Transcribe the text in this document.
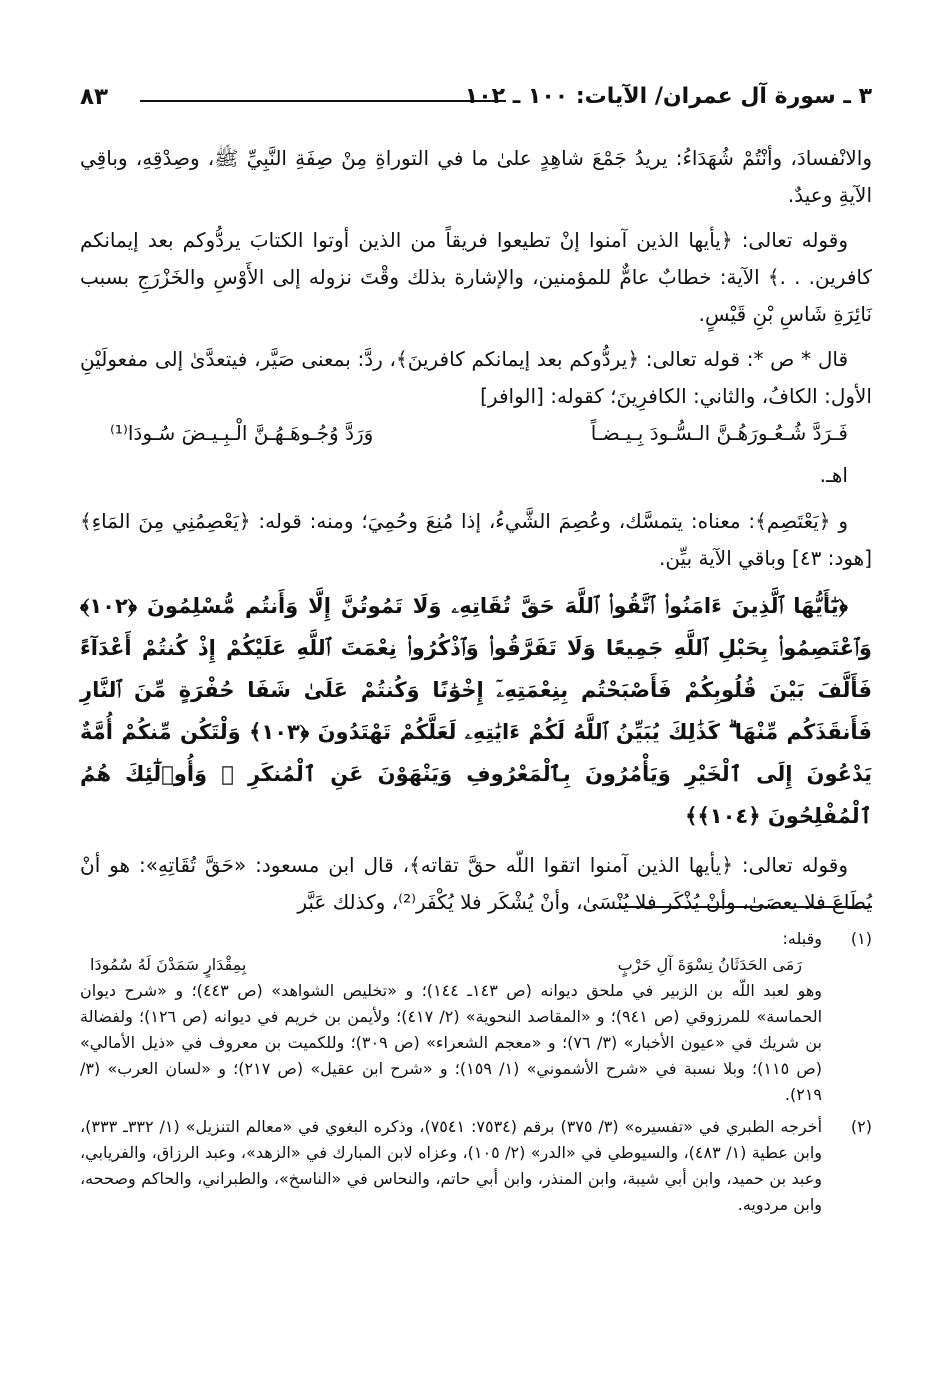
٣ ـ سورة آل عمران/ الآيات: ١٠٠ ـ ١٠٢
٨٣

والانْفسادَ، وأنْتُمْ شُهَدَاءُ: يريدُ جَمْعَ شاهِدٍ علىٰ ما في التوراةِ مِنْ صِفَةِ النَّبِيِّ ﷺ، وصِدْقِهِ، وباقِي الآيةِ وعيدٌ.

وقوله تعالى: ﴿يأيها الذين آمنوا إنْ تطيعوا فريقاً من الذين أوتوا الكتابَ يردُّوكم بعد إيمانكم كافرين. . .﴾ الآية: خطابٌ عامٌّ للمؤمنين، والإشارة بذلك وقْتَ نزوله إلى الأَوْسِ والخَزْرَجِ بسبب نَائِرَةِ شَاسِ بْنِ قَيْسٍ.

قال * ص *: قوله تعالى: ﴿يردُّوكم بعد إيمانكم كافرينَ﴾، ردَّ: بمعنى صَيَّر، فيتعدَّىٰ إلى مفعولَيْنِ الأول: الكافُ، والثاني: الكافرِينَ؛ كقوله: [الوافر]

فَـرَدَّ شُـعُـورَهُـنَّ الـسُّـودَ بِـيـضـاً
وَرَدَّ وُجُـوهَـهُـنَّ الْـبِـيـضَ سُـودَا⁽¹⁾
اهـ.

و ﴿يَعْتَصِم﴾: معناه: يتمسَّك، وعُصِمَ الشَّيءُ، إذا مُنِعَ وحُمِيَ؛ ومنه: قوله: ﴿يَعْصِمُنِي مِنَ المَاءِ﴾ [هود: ٤٣] وباقي الآية بيِّن.

﴿يَٰٓأَيُّهَا ٱلَّذِينَ ءَامَنُوا۟ ٱتَّقُوا۟ ٱللَّهَ حَقَّ تُقَاتِهِۦ وَلَا تَمُوتُنَّ إِلَّا وَأَنتُم مُّسْلِمُونَ ﴿١٠٢﴾ وَٱعْتَصِمُوا۟ بِحَبْلِ ٱللَّهِ جَمِيعًا وَلَا تَفَرَّقُوا۟ وَٱذْكُرُوا۟ نِعْمَتَ ٱللَّهِ عَلَيْكُمْ إِذْ كُنتُمْ أَعْدَآءً فَأَلَّفَ بَيْنَ قُلُوبِكُمْ فَأَصْبَحْتُم بِنِعْمَتِهِۦٓ إِخْوَٰنًا وَكُنتُمْ عَلَىٰ شَفَا حُفْرَةٍ مِّنَ ٱلنَّارِ فَأَنقَذَكُم مِّنْهَا ۗ كَذَٰلِكَ يُبَيِّنُ ٱللَّهُ لَكُمْ ءَايَٰتِهِۦ لَعَلَّكُمْ تَهْتَدُونَ ﴿١٠٣﴾ وَلْتَكُن مِّنكُمْ أُمَّةٌ يَدْعُونَ إِلَى ٱلْخَيْرِ وَيَأْمُرُونَ بِٱلْمَعْرُوفِ وَيَنْهَوْنَ عَنِ ٱلْمُنكَرِ ۚ وَأُو۟لَٰٓئِكَ هُمُ ٱلْمُفْلِحُونَ ﴿١٠٤﴾﴾

وقوله تعالى: ﴿يأيها الذين آمنوا اتقوا اللّه حقَّ تقاته﴾، قال ابن مسعود: «حَقَّ تُقَاتِهِ»: هو أنْ يُطَاعَ فلا يعصَىٰ، وأنْ يُذْكَر فلا يُنْسَىٰ، وأنْ يُشْكَر فلا يُكْفَر⁽²⁾، وكذلك عَبَّر

(١)
وقبله:
رَمَى الحَدَثَانُ نِسْوَةَ آلِ حَرْبٍ
بِمِقْدَارٍ سَمَدْنَ لَهُ سُمُودَا
وهو لعبد اللّه بن الزبير في ملحق ديوانه (ص ١٤٣ـ ١٤٤)؛ و «تخليص الشواهد» (ص ٤٤٣)؛ و «شرح ديوان الحماسة» للمرزوقي (ص ٩٤١)؛ و «المقاصد النحوية» (٢/ ٤١٧)؛ ولأيمن بن خريم في ديوانه (ص ١٢٦)؛ ولفضالة بن شريك في «عيون الأخبار» (٣/ ٧٦)؛ و «معجم الشعراء» (ص ٣٠٩)؛ وللكميت بن معروف في «ذيل الأمالي» (ص ١١٥)؛ وبلا نسبة في «شرح الأشموني» (١/ ١٥٩)؛ و «شرح ابن عقيل» (ص ٢١٧)؛ و «لسان العرب» (٣/ ٢١٩).
(٢)
أخرجه الطبري في «تفسيره» (٣/ ٣٧٥) برقم (٧٥٣٤: ٧٥٤١)، وذكره البغوي في «معالم التنزيل» (١/ ٣٣٢ـ ٣٣٣)، وابن عطية (١/ ٤٨٣)، والسيوطي في «الدر» (٢/ ١٠٥)، وعزاه لابن المبارك في «الزهد»، وعبد الرزاق، والفريابي، وعبد بن حميد، وابن أبي شيبة، وابن المنذر، وابن أبي حاتم، والنحاس في «الناسخ»، والطبراني، والحاكم وصححه، وابن مردويه.
